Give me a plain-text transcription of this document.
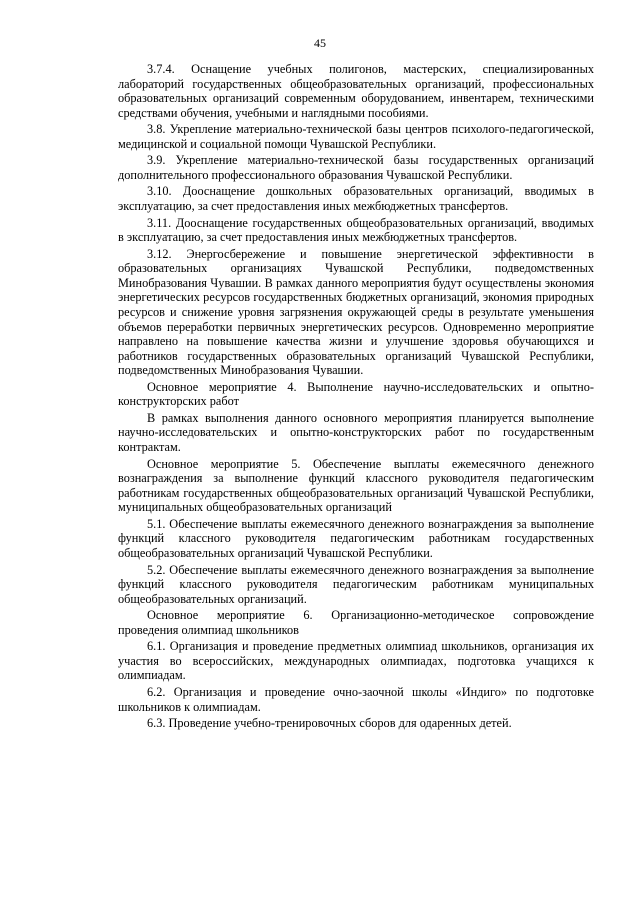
45

3.7.4. Оснащение учебных полигонов, мастерских, специализированных лабораторий государственных общеобразовательных организаций, профессиональных образовательных организаций современным оборудованием, инвентарем, техническими средствами обучения, учебными и наглядными пособиями.

3.8. Укрепление материально-технической базы центров психолого-педагогической, медицинской и социальной помощи Чувашской Республики.

3.9. Укрепление материально-технической базы государственных организаций дополнительного профессионального образования Чувашской Республики.

3.10. Дооснащение дошкольных образовательных организаций, вводимых в эксплуатацию, за счет предоставления иных межбюджетных трансфертов.

3.11. Дооснащение государственных общеобразовательных организаций, вводимых в эксплуатацию, за счет предоставления иных межбюджетных трансфертов.

3.12. Энергосбережение и повышение энергетической эффективности в образовательных организациях Чувашской Республики, подведомственных Минобразования Чувашии. В рамках данного мероприятия будут осуществлены экономия энергетических ресурсов государственных бюджетных организаций, экономия природных ресурсов и снижение уровня загрязнения окружающей среды в результате уменьшения объемов переработки первичных энергетических ресурсов. Одновременно мероприятие направлено на повышение качества жизни и улучшение здоровья обучающихся и работников государственных образовательных организаций Чувашской Республики, подведомственных Минобразования Чувашии.

Основное мероприятие 4. Выполнение научно-исследовательских и опытно-конструкторских работ

В рамках выполнения данного основного мероприятия планируется выполнение научно-исследовательских и опытно-конструкторских работ по государственным контрактам.

Основное мероприятие 5. Обеспечение выплаты ежемесячного денежного вознаграждения за выполнение функций классного руководителя педагогическим работникам государственных общеобразовательных организаций Чувашской Республики, муниципальных общеобразовательных организаций

5.1. Обеспечение выплаты ежемесячного денежного вознаграждения за выполнение функций классного руководителя педагогическим работникам государственных общеобразовательных организаций Чувашской Республики.

5.2. Обеспечение выплаты ежемесячного денежного вознаграждения за выполнение функций классного руководителя педагогическим работникам муниципальных общеобразовательных организаций.

Основное мероприятие 6. Организационно-методическое сопровождение проведения олимпиад школьников

6.1. Организация и проведение предметных олимпиад школьников, организация их участия во всероссийских, международных олимпиадах, подготовка учащихся к олимпиадам.

6.2. Организация и проведение очно-заочной школы «Индиго» по подготовке школьников к олимпиадам.

6.3. Проведение учебно-тренировочных сборов для одаренных детей.
